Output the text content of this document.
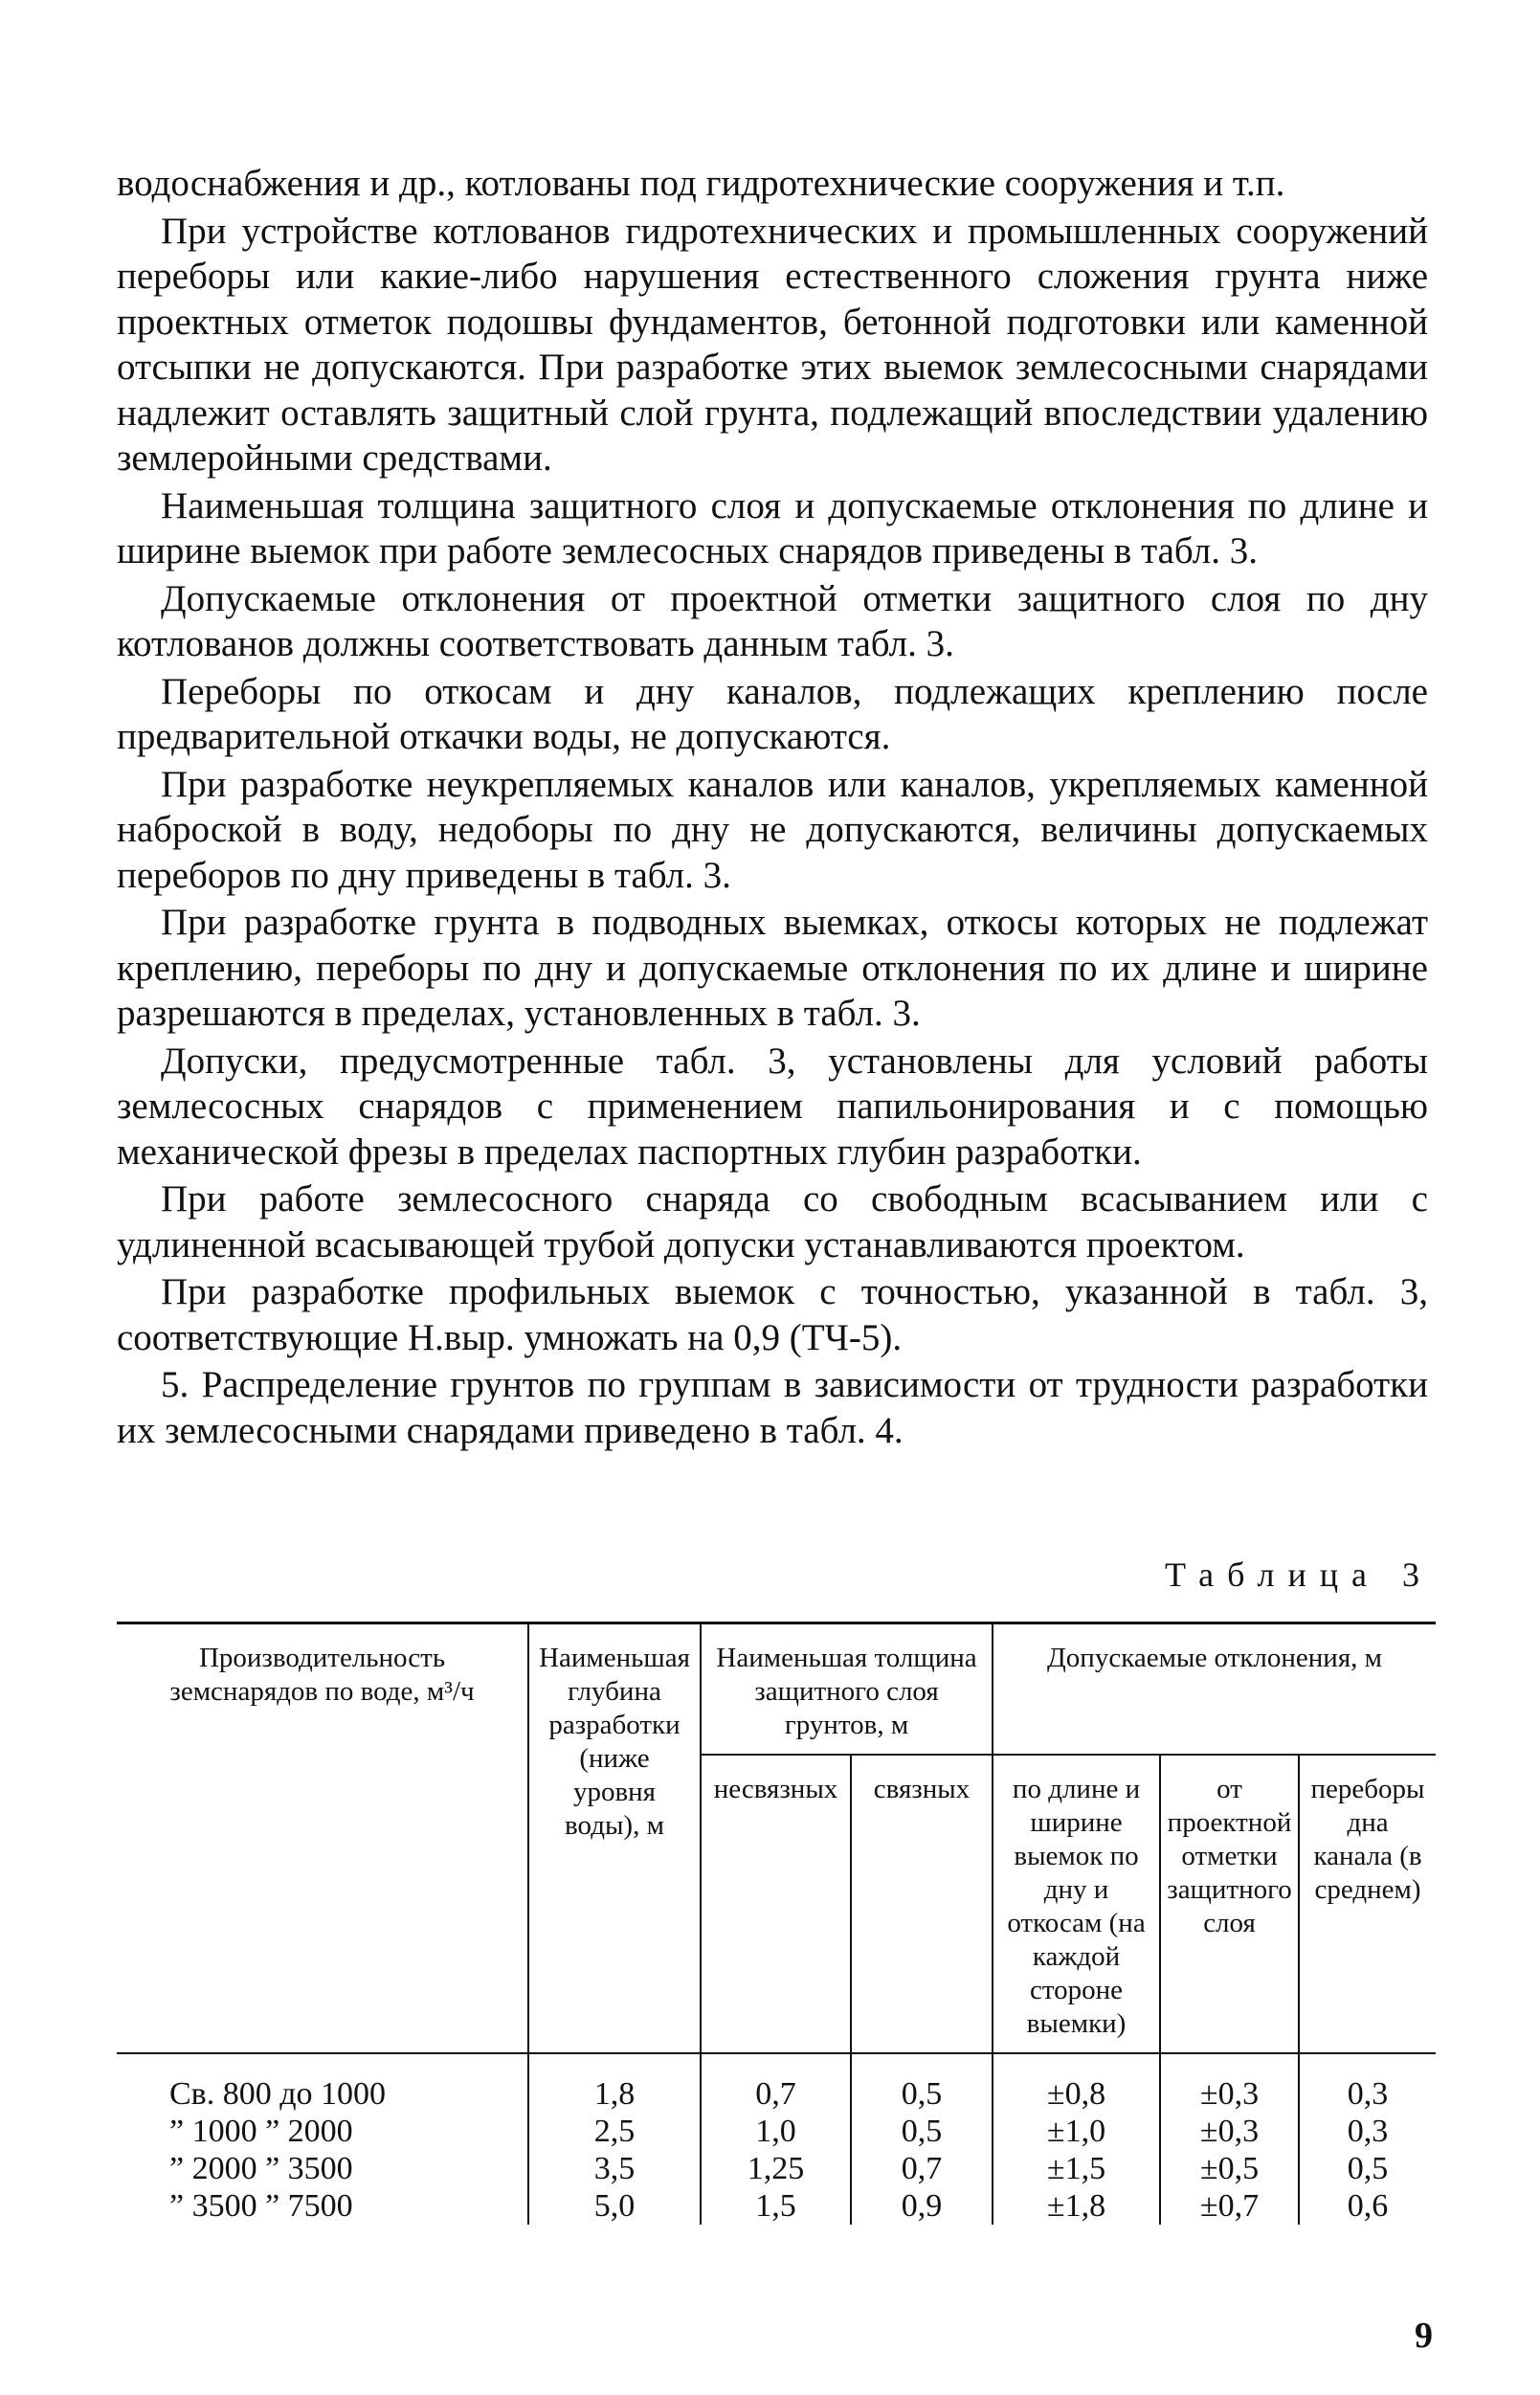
водоснабжения и др., котлованы под гидротехнические сооружения и т.п.

При устройстве котлованов гидротехнических и промышленных сооружений переборы или какие-либо нарушения естественного сложения грунта ниже проектных отметок подошвы фундаментов, бетонной подготовки или каменной отсыпки не допускаются. При разработке этих выемок землесосными снарядами надлежит оставлять защитный слой грунта, подлежащий впоследствии удалению землеройными средствами.

Наименьшая толщина защитного слоя и допускаемые отклонения по длине и ширине выемок при работе землесосных снарядов приведены в табл. 3.

Допускаемые отклонения от проектной отметки защитного слоя по дну котлованов должны соответствовать данным табл. 3.

Переборы по откосам и дну каналов, подлежащих креплению после предварительной откачки воды, не допускаются.

При разработке неукрепляемых каналов или каналов, укрепляемых каменной наброской в воду, недоборы по дну не допускаются, величины допускаемых переборов по дну приведены в табл. 3.

При разработке грунта в подводных выемках, откосы которых не подлежат креплению, переборы по дну и допускаемые отклонения по их длине и ширине разрешаются в пределах, установленных в табл. 3.

Допуски, предусмотренные табл. 3, установлены для условий работы землесосных снарядов с применением папильонирования и с помощью механической фрезы в пределах паспортных глубин разработки.

При работе землесосного снаряда со свободным всасыванием или с удлиненной всасывающей трубой допуски устанавливаются проектом.

При разработке профильных выемок с точностью, указанной в табл. 3, соответствующие Н.выр. умножать на 0,9 (ТЧ-5).

5. Распределение грунтов по группам в зависимости от трудности разработки их землесосными снарядами приведено в табл. 4.

Таблица 3
Производительность земснарядов по воде, м³/ч	Наименьшая глубина разработки (ниже уровня воды), м	Наименьшая толщина защитного слоя грунтов, м		Допускаемые отклонения, м		
		несвязных	связных	по длине и ширине выемок по дну и откосам (на каждой стороне выемки)	от проектной отметки защитного слоя	переборы дна канала (в среднем)
Св. 800 до 1000	1,8	0,7	0,5	±0,8	±0,3	0,3
” 1000 ” 2000	2,5	1,0	0,5	±1,0	±0,3	0,3
” 2000 ” 3500	3,5	1,25	0,7	±1,5	±0,5	0,5
” 3500 ” 7500	5,0	1,5	0,9	±1,8	±0,7	0,6
9
